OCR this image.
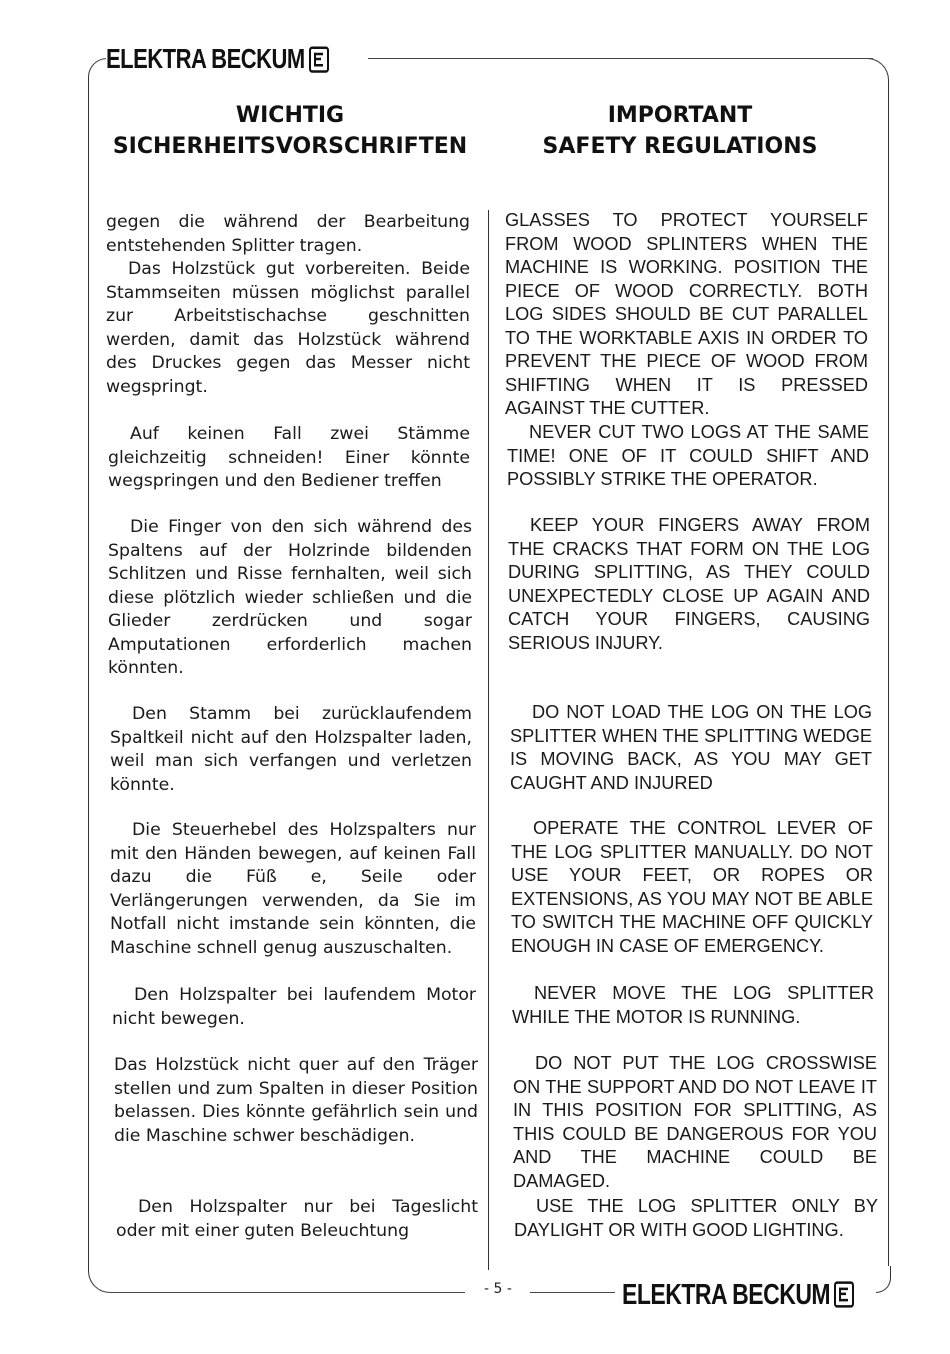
ELEKTRA BECKUM
WICHTIG
SICHERHEITSVORSCHRIFTEN
IMPORTANT
SAFETY REGULATIONS

gegen die während der Bearbeitung entstehenden Splitter tragen.

Das Holzstück gut vorbereiten. Beide Stammseiten müssen möglichst parallel zur Arbeitstischachse geschnitten werden, damit das Holzstück während des Druckes gegen das Messer nicht wegspringt.

Auf keinen Fall zwei Stämme gleichzeitig schneiden! Einer könnte wegspringen und den Bediener treffen

Die Finger von den sich während des Spaltens auf der Holzrinde bildenden Schlitzen und Risse fernhalten, weil sich diese plötzlich wieder schließen und die Glieder zerdrücken und sogar Amputationen erforderlich machen könnten.

Den Stamm bei zurücklaufendem Spaltkeil nicht auf den Holzspalter laden, weil man sich verfangen und verletzen könnte.

Die Steuerhebel des Holzspalters nur mit den Händen bewegen, auf keinen Fall dazu die Füß e, Seile oder Verlängerungen verwenden, da Sie im Notfall nicht imstande sein könnten, die Maschine schnell genug auszuschalten.

Den Holzspalter bei laufendem Motor nicht bewegen.

Das Holzstück nicht quer auf den Träger stellen und zum Spalten in dieser Position belassen. Dies könnte gefährlich sein und die Maschine schwer beschädigen.

Den Holzspalter nur bei Tageslicht oder mit einer guten Beleuchtung

GLASSES TO PROTECT YOURSELF FROM WOOD SPLINTERS WHEN THE MACHINE IS WORKING. POSITION THE PIECE OF WOOD CORRECTLY. BOTH LOG SIDES SHOULD BE CUT PARALLEL TO THE WORKTABLE AXIS IN ORDER TO PREVENT THE PIECE OF WOOD FROM SHIFTING WHEN IT IS PRESSED AGAINST THE CUTTER.

NEVER CUT TWO LOGS AT THE SAME TIME! ONE OF IT COULD SHIFT AND POSSIBLY STRIKE THE OPERATOR.

KEEP YOUR FINGERS AWAY FROM THE CRACKS THAT FORM ON THE LOG DURING SPLITTING, AS THEY COULD UNEXPECTEDLY CLOSE UP AGAIN AND CATCH YOUR FINGERS, CAUSING SERIOUS INJURY.

DO NOT LOAD THE LOG ON THE LOG SPLITTER WHEN THE SPLITTING WEDGE IS MOVING BACK, AS YOU MAY GET CAUGHT AND INJURED

OPERATE THE CONTROL LEVER OF THE LOG SPLITTER MANUALLY. DO NOT USE YOUR FEET, OR ROPES OR EXTENSIONS, AS YOU MAY NOT BE ABLE TO SWITCH THE MACHINE OFF QUICKLY ENOUGH IN CASE OF EMERGENCY.

NEVER MOVE THE LOG SPLITTER WHILE THE MOTOR IS RUNNING.

DO NOT PUT THE LOG CROSSWISE ON THE SUPPORT AND DO NOT LEAVE IT IN THIS POSITION FOR SPLITTING, AS THIS COULD BE DANGEROUS FOR YOU AND THE MACHINE COULD BE DAMAGED.

USE THE LOG SPLITTER ONLY BY DAYLIGHT OR WITH GOOD LIGHTING.

- 5 -	ELEKTRA BECKUM
